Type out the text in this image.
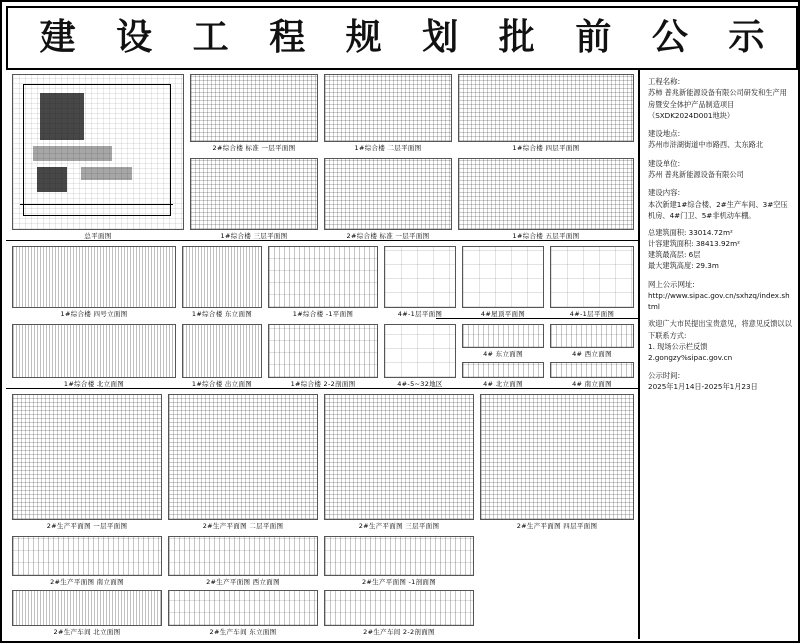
建 设 工 程 规 划 批 前 公 示
总平面图
2#综合楼 标准 一层平面图	1#综合楼 二层平面图	1#综合楼 四层平面图
1#综合楼 三层平面图	2#综合楼 标准 一层平面图	1#综合楼 五层平面图
1#综合楼 四号立面图	1#综合楼 东立面图	1#综合楼 -1平面图	4#-1层平面图	4#屋顶平面图	4#-1层平面图
1#综合楼 北立面图	1#综合楼 出立面图	1#综合楼 2-2剖面图	4#-5~32地区
4# 东立面图	4# 西立面图
4# 北立面图	4# 南立面图
2#生产平面图 一层平面图	2#生产平面图 二层平面图	2#生产平面图 三层平面图	2#生产平面图 四层平面图
2#生产平面图 南立面图	2#生产平面图 西立面图	2#生产平面图 -1剖面图
2#生产车间 北立面图	2#生产车间 东立面图	2#生产车间 2-2剖面图
工程名称:
苏柿 普兆新能源设备有限公司研发和生产用房暨安全体护产品制造项目（SXDK2024D001地块）
建设地点:
苏州市浒湖街道中市路西、太东路北
建设单位:
苏州 普兆新能源设备有限公司
建设内容:
本次新建1#综合楼、2#生产车间、3#空压机房、4#门卫、5#非机动车棚。
总建筑面积: 33014.72m²
计容建筑面积: 38413.92m²
建筑最高层: 6层
最大建筑高度: 29.3m
网上公示网址:
http://www.sipac.gov.cn/sxhzq/index.shtml
欢迎广大市民提出宝贵意见，将意见反馈以以下联系方式:
1. 现场公示栏反馈
2.gongzy%sipac.gov.cn
公示时间:
2025年1月14日-2025年1月23日
